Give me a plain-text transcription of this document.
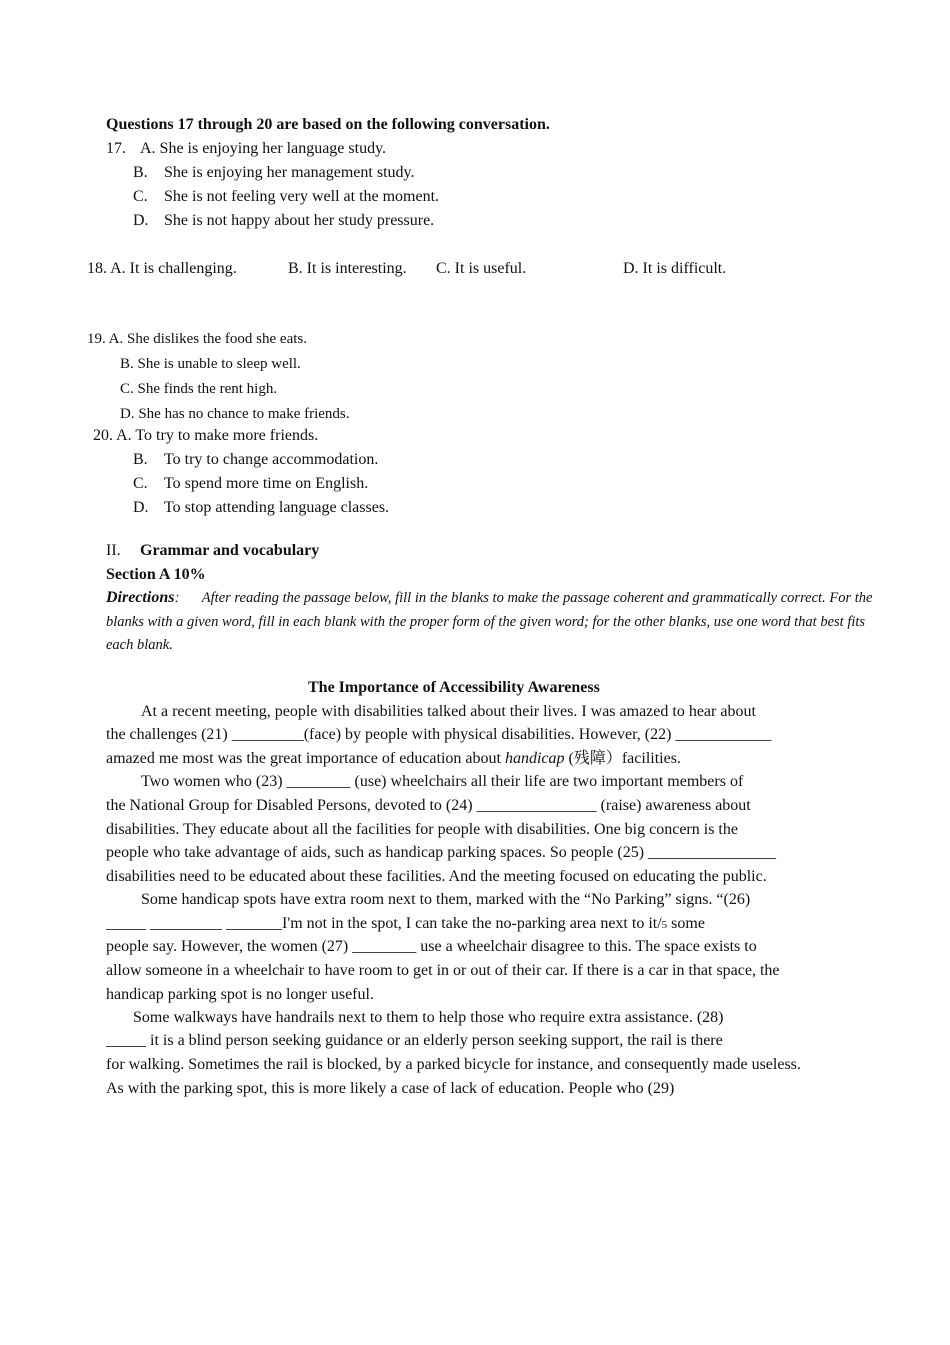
Questions 17 through 20 are based on the following conversation.
17. A. She is enjoying her language study.
B. She is enjoying her management study.
C. She is not feeling very well at the moment.
D. She is not happy about her study pressure.
18. A. It is challenging.	B. It is interesting. C. It is useful.	D. It is difficult.
19. A. She dislikes the food she eats.
B. She is unable to sleep well.
C. She finds the rent high.
D. She has no chance to make friends.
20. A. To try to make more friends.
B. To try to change accommodation.
C. To spend more time on English.
D. To stop attending language classes.
II. Grammar and vocabulary
Section A 10%
Directionsː After reading the passage below, fill in the blanks to make the passage coherent and grammatically correct. For the blanks with a given word, fill in each blank with the proper form of the given word; for the other blanks, use one word that best fits each blank.
The Importance of Accessibility Awareness
At a recent meeting, people with disabilities talked about their lives. I was amazed to hear about
the challenges (21) _________(face) by people with physical disabilities. However, (22) ____________
amazed me most was the great importance of education about handicap (残障）facilities.
Two women who (23) ________ (use) wheelchairs all their life are two important members of
the National Group for Disabled Persons, devoted to (24) _______________ (raise) awareness about
disabilities. They educate about all the facilities for people with disabilities. One big concern is the
people who take advantage of aids, such as handicap parking spaces. So people (25) ________________
disabilities need to be educated about these facilities. And the meeting focused on educating the public.
Some handicap spots have extra room next to them, marked with the “No Parking” signs. “(26)
_____ _________ _______I'm not in the spot, I can take the no-parking area next to it/5 some
people say. However, the women (27) ________ use a wheelchair disagree to this. The space exists to
allow someone in a wheelchair to have room to get in or out of their car. If there is a car in that space, the
handicap parking spot is no longer useful.
Some walkways have handrails next to them to help those who require extra assistance. (28)
_____ it is a blind person seeking guidance or an elderly person seeking support, the rail is there
for walking. Sometimes the rail is blocked, by a parked bicycle for instance, and consequently made useless.
As with the parking spot, this is more likely a case of lack of education. People who (29)
